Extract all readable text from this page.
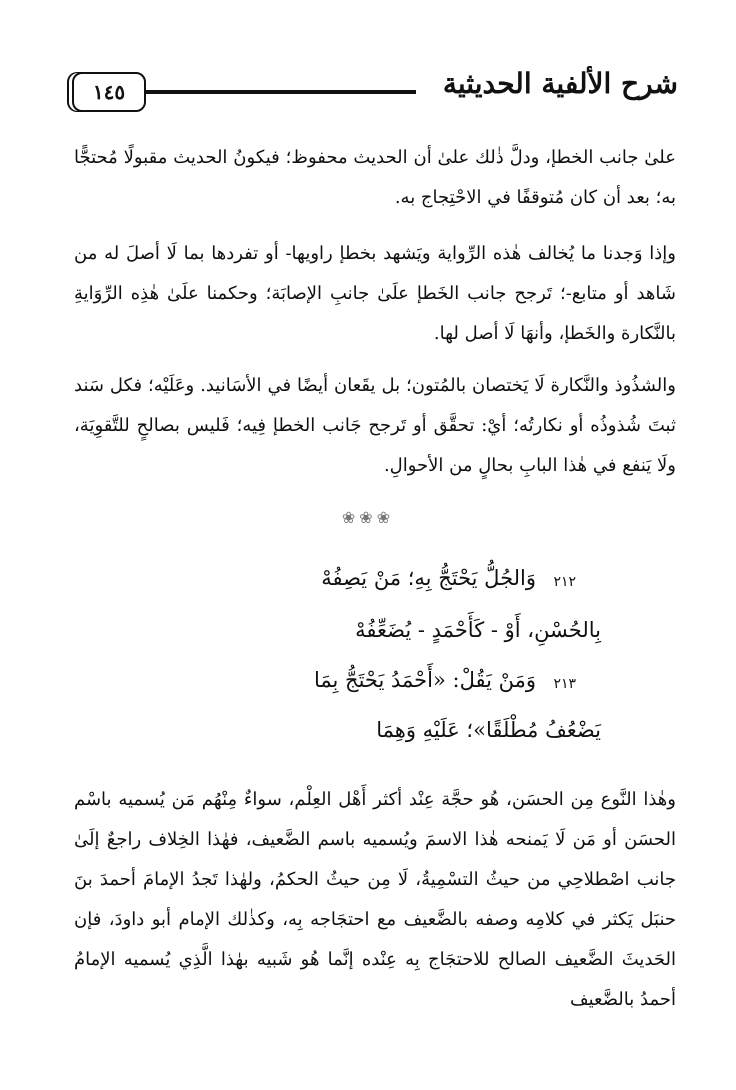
شرح الألفية الحديثية
١٤٥

علىٰ جانب الخطإ، ودلَّ ذٰلك علىٰ أن الحديث محفوظ؛ فيكونُ الحديث مقبولًا مُحتجًّا به؛ بعد أن كان مُتوقفًا في الاحْتِجاج به.

وإذا وَجدنا ما يُخالف هٰذه الرِّواية ويَشهد بخطإ راويها- أو تفردها بما لَا أصلَ له من شَاهد أو متابع-؛ تَرجح جانب الخَطإ علَىٰ جانبِ الإصابَة؛ وحكمنا علَىٰ هٰذِه الرِّوَايةِ بالنَّكارة والخَطإ، وأنهَا لَا أصل لها.

والشذُوذ والنَّكارة لَا يَختصان بالمُتون؛ بل يقَعان أيضًا في الأسَانيد. وعَلَيْه؛ فكل سَند ثبتَ شُذوذُه أو نكارتُه؛ أيْ: تحقَّق أو تَرجح جَانب الخطإ فِيه؛ فَليس بصالحٍ للتَّقوِيَة، ولَا يَنفع في هٰذا البابِ بحالٍ من الأحوالِ.

❀❀❀
٢١٢
وَالجُلُّ يَحْتَجُّ بِهِ؛ مَنْ يَصِفُهْ
بِالحُسْنِ، أَوْ - كَأَحْمَدٍ - يُضَعِّفُهْ
٢١٣
وَمَنْ يَقُلْ: «أَحْمَدُ يَحْتَجُّ بِمَا
يَضْعُفُ مُطْلَقًا»؛ عَلَيْهِ وَهِمَا

وهٰذا النَّوع مِن الحسَن، هُو حجَّة عِنْد أكثر أَهْل العِلْم، سواءٌ مِنْهُم مَن يُسميه باسْم الحسَن أو مَن لَا يَمنحه هٰذا الاسمَ ويُسميه باسم الضَّعيف، فهٰذا الخِلاف راجعٌ إلَىٰ جانب اصْطلاحِي من حيثُ التسْمِيةُ، لَا مِن حيثُ الحكمُ، ولهٰذا تَجدُ الإمامَ أحمدَ بنَ حنبَل يَكثر في كلامِه وصفه بالضَّعيف مع احتجَاجه بِه، وكذٰلك الإمام أبو داودَ، فإن الحَديثَ الضَّعيف الصالح للاحتجَاج بِه عِنْده إنَّما هُو شَبيه بهٰذا الَّذِي يُسميه الإمامُ أحمدُ بالضَّعيف
